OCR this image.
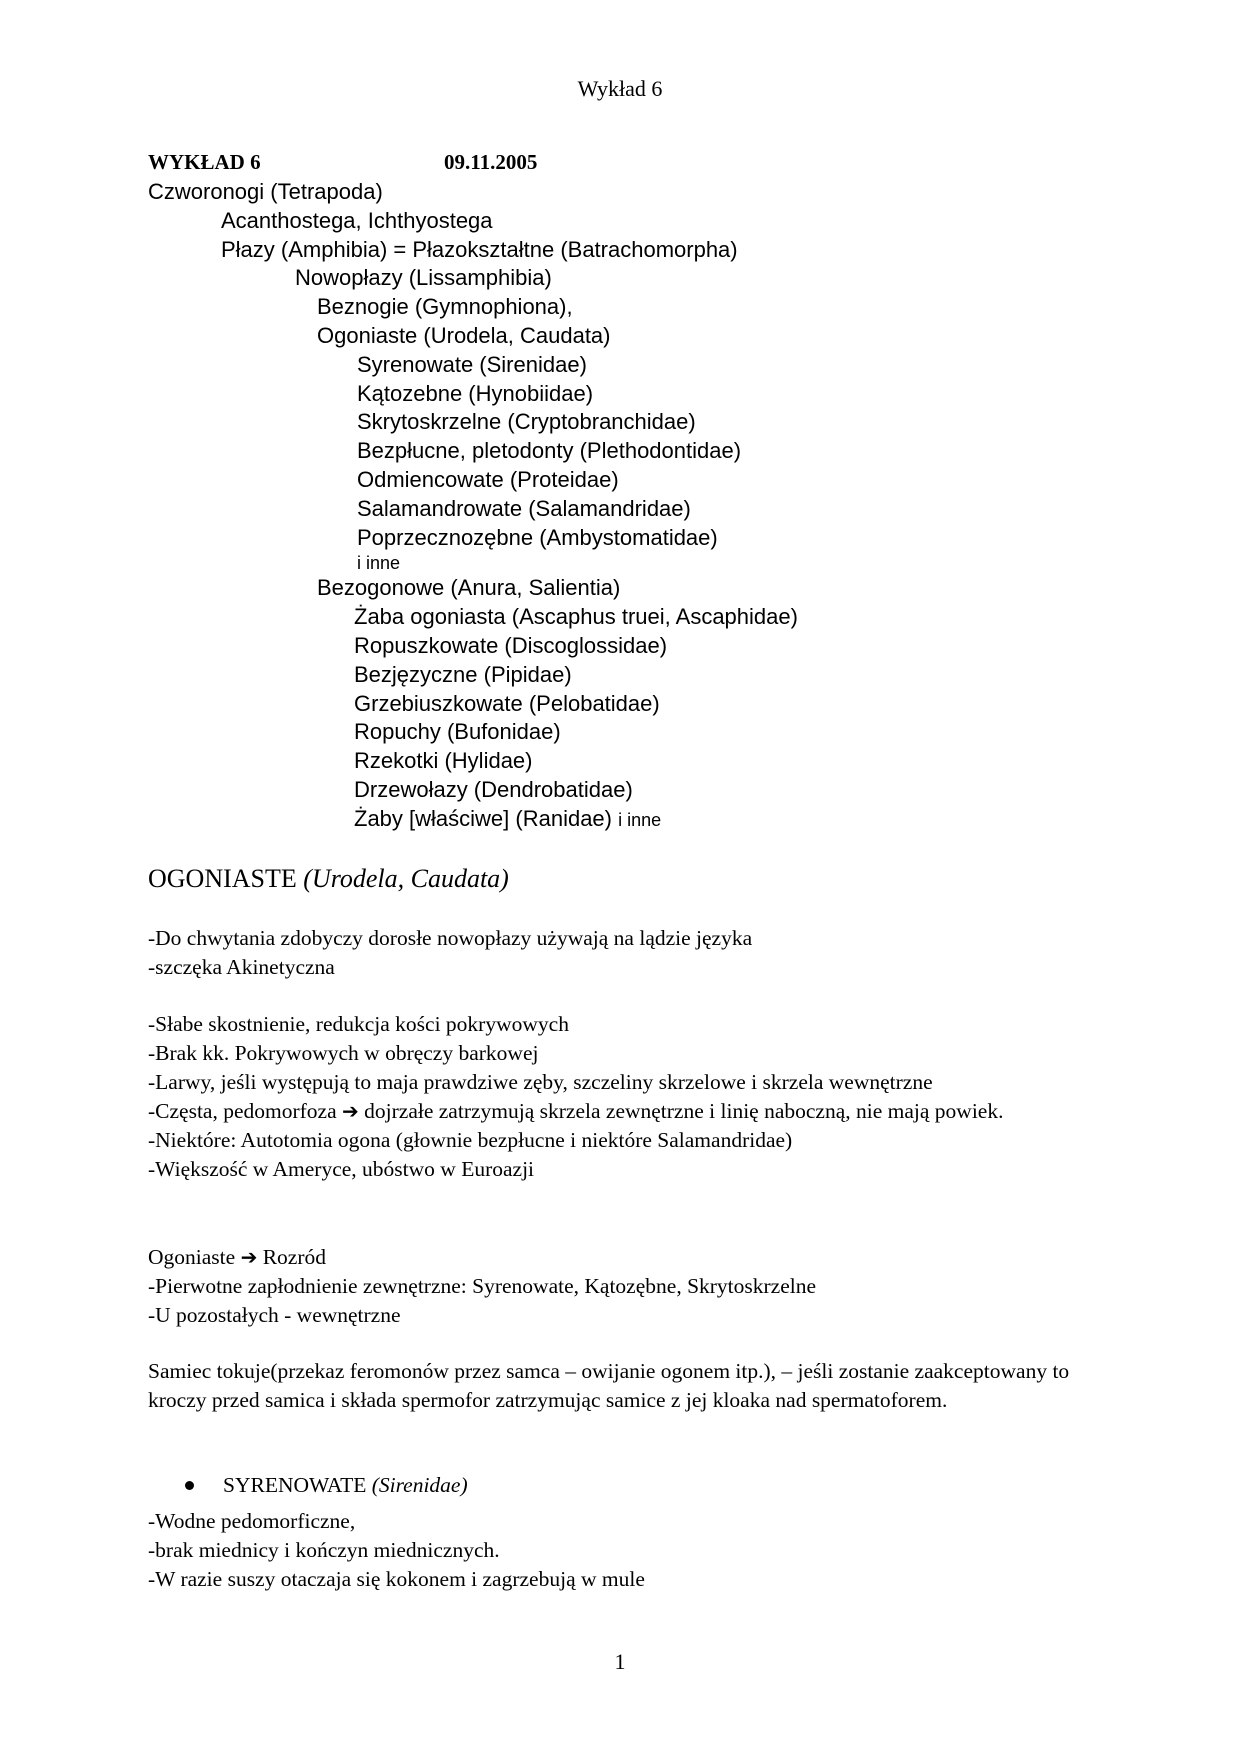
Wykład 6
WYKŁAD 6	09.11.2005
Czworonogi (Tetrapoda)
Acanthostega, Ichthyostega
Płazy (Amphibia) = Płazokształtne (Batrachomorpha)
Nowopłazy (Lissamphibia)
Beznogie (Gymnophiona),
Ogoniaste (Urodela, Caudata)
Syrenowate (Sirenidae)
Kątozebne (Hynobiidae)
Skrytoskrzelne (Cryptobranchidae)
Bezpłucne, pletodonty (Plethodontidae)
Odmiencowate (Proteidae)
Salamandrowate (Salamandridae)
Poprzecznozębne (Ambystomatidae)
i inne
Bezogonowe (Anura, Salientia)
Żaba ogoniasta (Ascaphus truei, Ascaphidae)
Ropuszkowate (Discoglossidae)
Bezjęzyczne (Pipidae)
Grzebiuszkowate (Pelobatidae)
Ropuchy (Bufonidae)
Rzekotki (Hylidae)
Drzewołazy (Dendrobatidae)
Żaby [właściwe] (Ranidae) i inne
OGONIASTE (Urodela, Caudata)

-Do chwytania zdobyczy dorosłe nowopłazy używają na lądzie języka

-szczęka Akinetyczna

-Słabe skostnienie, redukcja kości pokrywowych

-Brak kk. Pokrywowych w obręczy barkowej

-Larwy, jeśli występują to maja prawdziwe zęby, szczeliny skrzelowe i skrzela wewnętrzne

-Częsta, pedomorfoza ➔ dojrzałe zatrzymują skrzela zewnętrzne i linię naboczną, nie mają powiek.

-Niektóre: Autotomia ogona (głownie bezpłucne i niektóre Salamandridae)

-Większość w Ameryce, ubóstwo w Euroazji

Ogoniaste ➔ Rozród

-Pierwotne zapłodnienie zewnętrzne: Syrenowate, Kątozębne, Skrytoskrzelne

-U pozostałych - wewnętrzne

Samiec tokuje(przekaz feromonów przez samca – owijanie ogonem itp.), – jeśli zostanie zaakceptowany to kroczy przed samica i składa spermofor zatrzymując samice z jej kloaka nad spermatoforem.

SYRENOWATE (Sirenidae)

-Wodne pedomorficzne,

-brak miednicy i kończyn miednicznych.

-W razie suszy otaczaja się kokonem i zagrzebują w mule

1
